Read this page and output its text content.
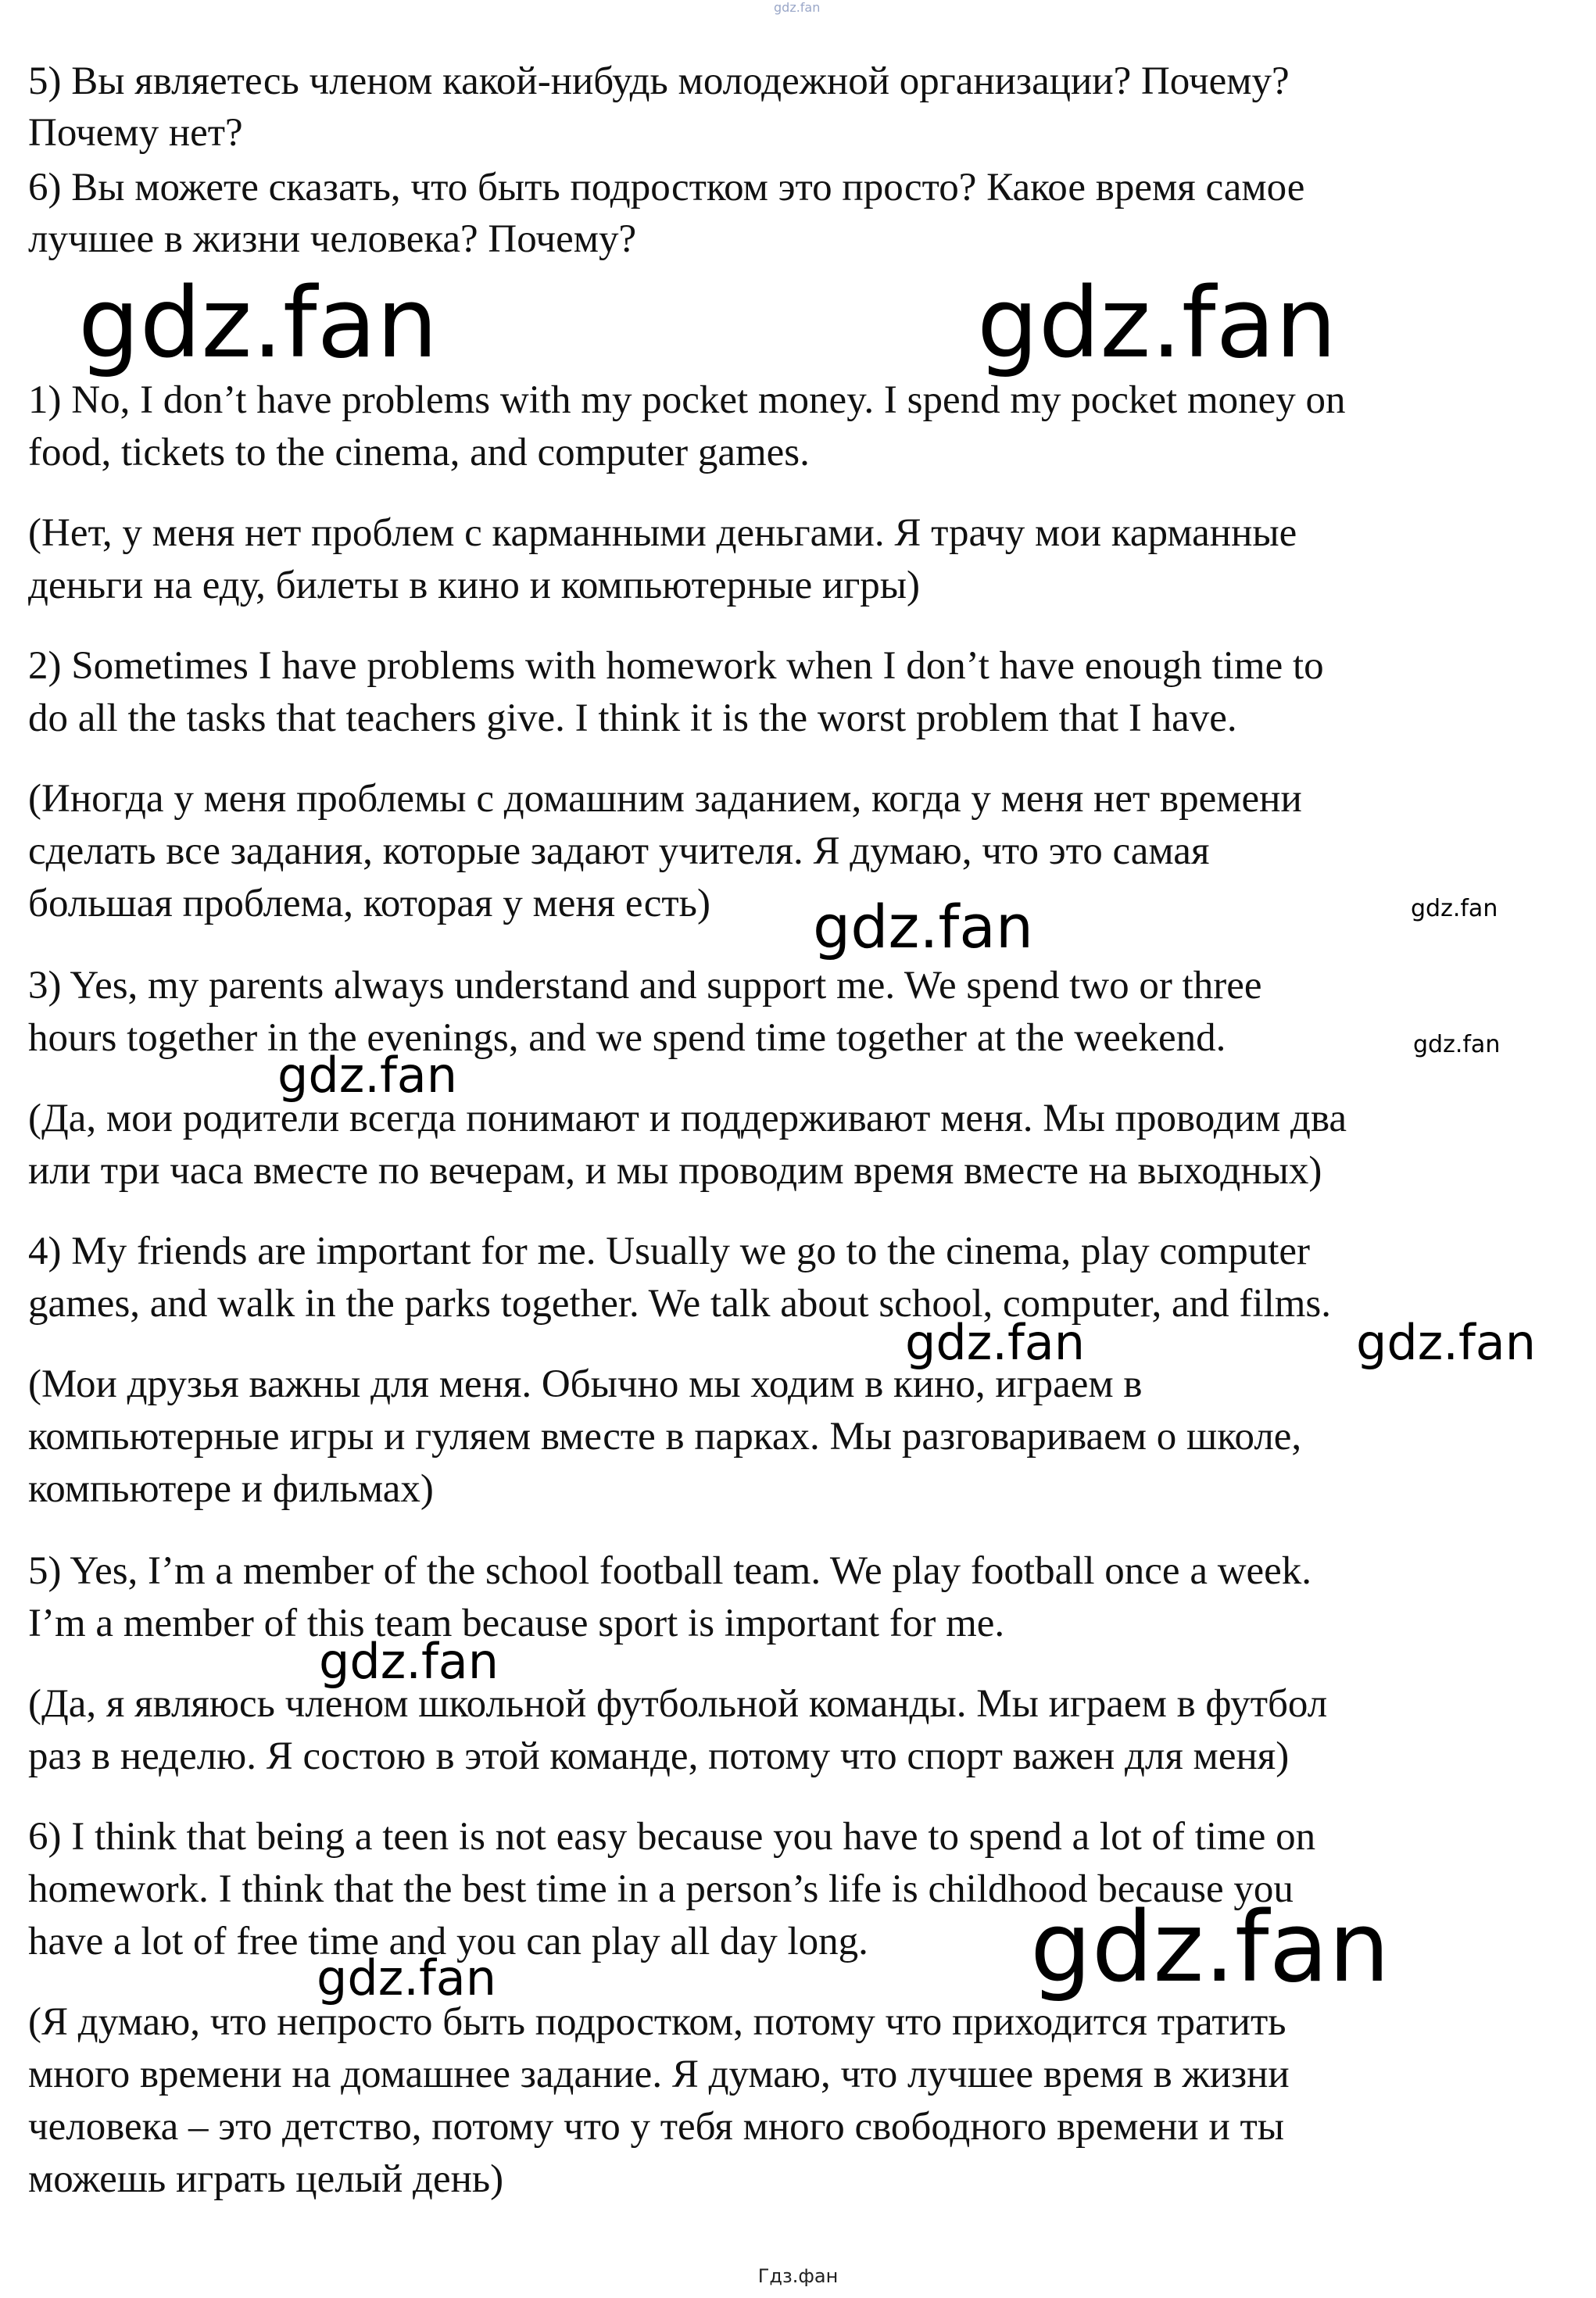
gdz.fan

5) Вы являетесь членом какой-нибудь молодежной организации? Почему?

Почему нет?

6) Вы можете сказать, что быть подростком это просто? Какое время самое

лучшее в жизни человека? Почему?

1) No, I don’t have problems with my pocket money. I spend my pocket money on

food, tickets to the cinema, and computer games.

(Нет, у меня нет проблем с карманными деньгами. Я трачу мои карманные

деньги на еду, билеты в кино и компьютерные игры)

2) Sometimes I have problems with homework when I don’t have enough time to

do all the tasks that teachers give. I think it is the worst problem that I have.

(Иногда у меня проблемы с домашним заданием, когда у меня нет времени

сделать все задания, которые задают учителя. Я думаю, что это самая

большая проблема, которая у меня есть)

3) Yes, my parents always understand and support me. We spend two or three

hours together in the evenings, and we spend time together at the weekend.

(Да, мои родители всегда понимают и поддерживают меня. Мы проводим два

или три часа вместе по вечерам, и мы проводим время вместе на выходных)

4) My friends are important for me. Usually we go to the cinema, play computer

games, and walk in the parks together. We talk about school, computer, and films.

(Мои друзья важны для меня. Обычно мы ходим в кино, играем в

компьютерные игры и гуляем вместе в парках. Мы разговариваем о школе,

компьютере и фильмах)

5) Yes, I’m a member of the school football team. We play football once a week.

I’m a member of this team because sport is important for me.

(Да, я являюсь членом школьной футбольной команды. Мы играем в футбол

раз в неделю. Я состою в этой команде, потому что спорт важен для меня)

6) I think that being a teen is not easy because you have to spend a lot of time on

homework. I think that the best time in a person’s life is childhood because you

have a lot of free time and you can play all day long.

(Я думаю, что непросто быть подростком, потому что приходится тратить

много времени на домашнее задание. Я думаю, что лучшее время в жизни

человека – это детство, потому что у тебя много свободного времени и ты

можешь играть целый день)

gdz.fan	gdz.fan
gdz.fan	gdz.fan
gdz.fan
gdz.fan
gdz.fan	gdz.fan
gdz.fan
gdz.fan
gdz.fan
Гдз.фан
